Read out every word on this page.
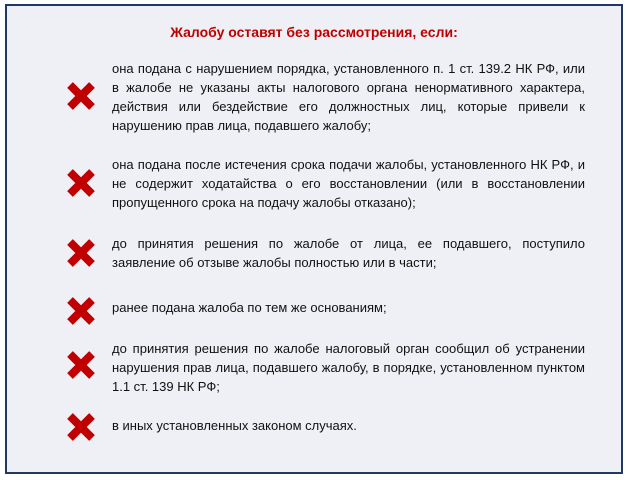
Жалобу оставят без рассмотрения, если:
она подана с нарушением порядка, установленного п. 1 ст. 139.2 НК РФ, или в жалобе не указаны акты налогового органа ненормативного характера, действия или бездействие его должностных лиц, которые привели к нарушению прав лица, подавшего жалобу;
она подана после истечения срока подачи жалобы, установленного НК РФ, и не содержит ходатайства о его восстановлении (или в восстановлении пропущенного срока на подачу жалобы отказано);
до принятия решения по жалобе от лица, ее подавшего, поступило заявление об отзыве жалобы полностью или в части;
ранее подана жалоба по тем же основаниям;
до принятия решения по жалобе налоговый орган сообщил об устранении нарушения прав лица, подавшего жалобу, в порядке, установленном пунктом 1.1 ст. 139 НК РФ;
в иных установленных законом случаях.
